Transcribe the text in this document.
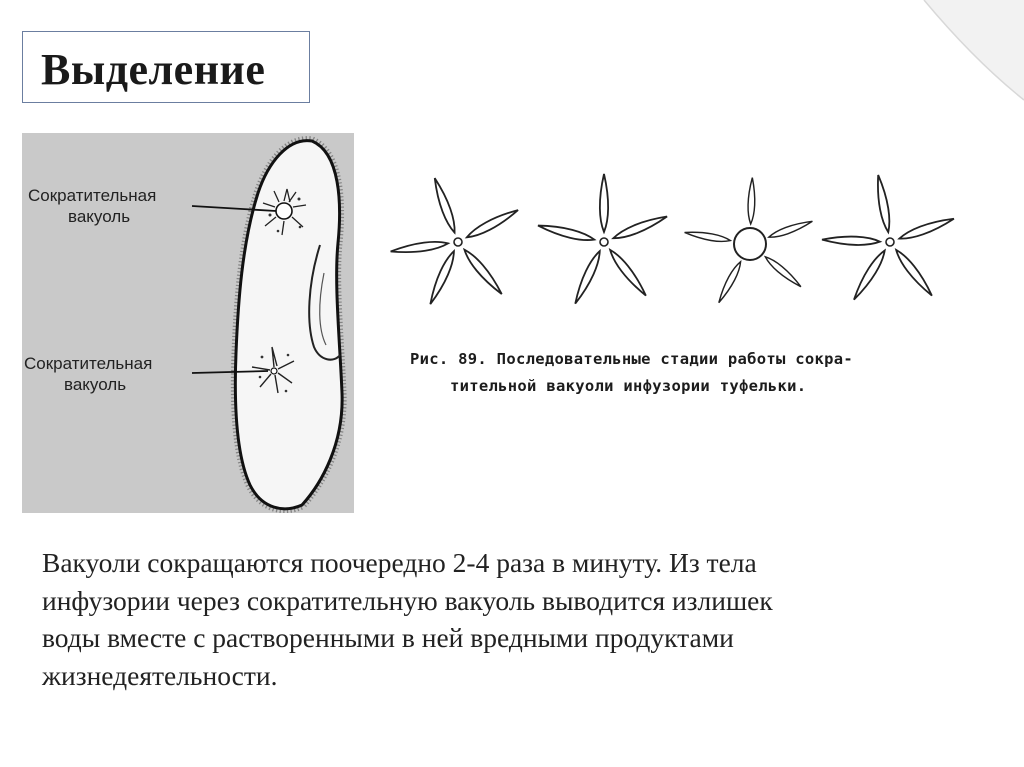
Выделение
Сократительная
вакуоль
Сократительная
вакуоль
Рис. 89. Последовательные стадии работы сокра-
тительной вакуоли инфузории туфельки.
Вакуоли сокращаются поочередно 2-4 раза в минуту. Из тела
инфузории через сократительную вакуоль выводится излишек
воды вместе с растворенными в ней вредными продуктами
жизнедеятельности.
